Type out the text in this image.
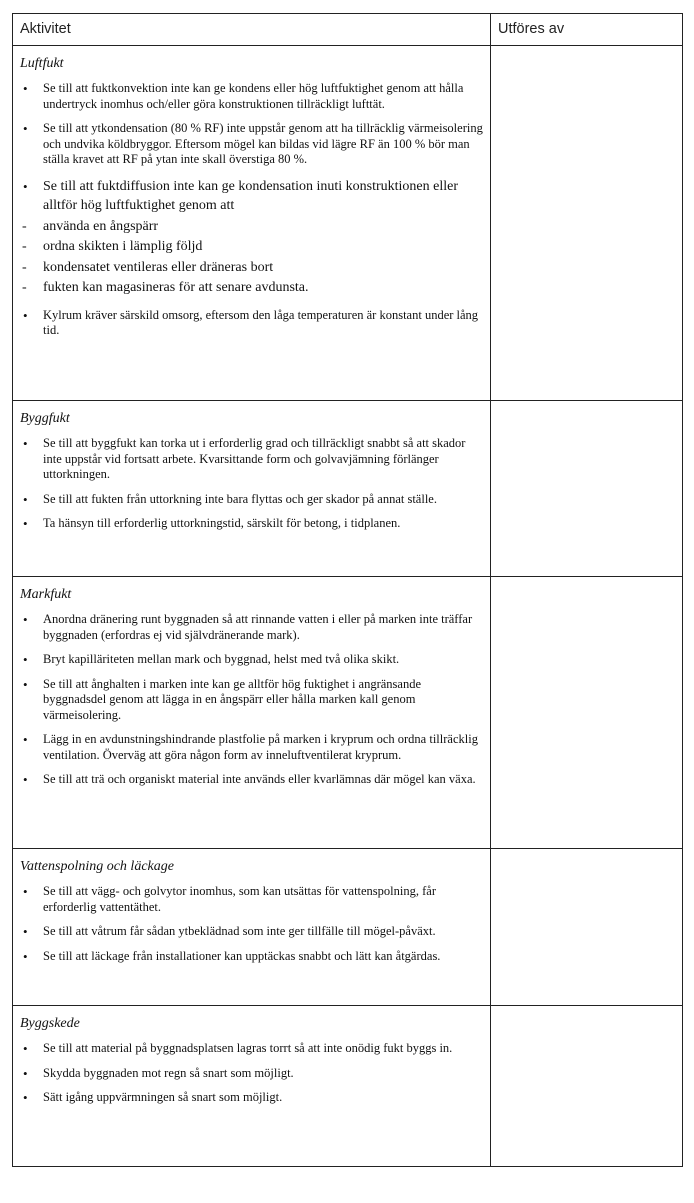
Aktivitet	Utföres av
Luftfukt
• Se till att fuktkonvektion inte kan ge kondens eller hög luftfuktighet genom att hålla undertryck inomhus och/eller göra konstruktionen tillräckligt lufttät.
• Se till att ytkondensation (80 % RF) inte uppstår genom att ha tillräcklig värmeisolering och undvika köldbryggor. Eftersom mögel kan bildas vid lägre RF än 100 % bör man ställa kravet att RF på ytan inte skall överstiga 80 %.
• Se till att fuktdiffusion inte kan ge kondensation inuti konstruktionen eller alltför hög luftfuktighet genom att
- använda en ångspärr
- ordna skikten i lämplig följd
- kondensatet ventileras eller dräneras bort
- fukten kan magasineras för att senare avdunsta.
• Kylrum kräver särskild omsorg, eftersom den låga temperaturen är konstant under lång tid.
Byggfukt
• Se till att byggfukt kan torka ut i erforderlig grad och tillräckligt snabbt så att skador inte uppstår vid fortsatt arbete. Kvarsittande form och golvavjämning förlänger uttorkningen.
• Se till att fukten från uttorkning inte bara flyttas och ger skador på annat ställe.
• Ta hänsyn till erforderlig uttorkningstid, särskilt för betong, i tidplanen.
Markfukt
• Anordna dränering runt byggnaden så att rinnande vatten i eller på marken inte träffar byggnaden (erfordras ej vid självdränerande mark).
• Bryt kapilläriteten mellan mark och byggnad, helst med två olika skikt.
• Se till att ånghalten i marken inte kan ge alltför hög fuktighet i angränsande byggnadsdel genom att lägga in en ångspärr eller hålla marken kall genom värmeisolering.
• Lägg in en avdunstningshindrande plastfolie på marken i kryprum och ordna tillräcklig ventilation. Överväg att göra någon form av inneluftventilerat kryprum.
• Se till att trä och organiskt material inte används eller kvarlämnas där mögel kan växa.
Vattenspolning och läckage
• Se till att vägg- och golvytor inomhus, som kan utsättas för vattenspolning, får erforderlig vattentäthet.
• Se till att våtrum får sådan ytbeklädnad som inte ger tillfälle till mögel-påväxt.
• Se till att läckage från installationer kan upptäckas snabbt och lätt kan åtgärdas.
Byggskede
• Se till att material på byggnadsplatsen lagras torrt så att inte onödig fukt byggs in.
• Skydda byggnaden mot regn så snart som möjligt.
• Sätt igång uppvärmningen så snart som möjligt.
